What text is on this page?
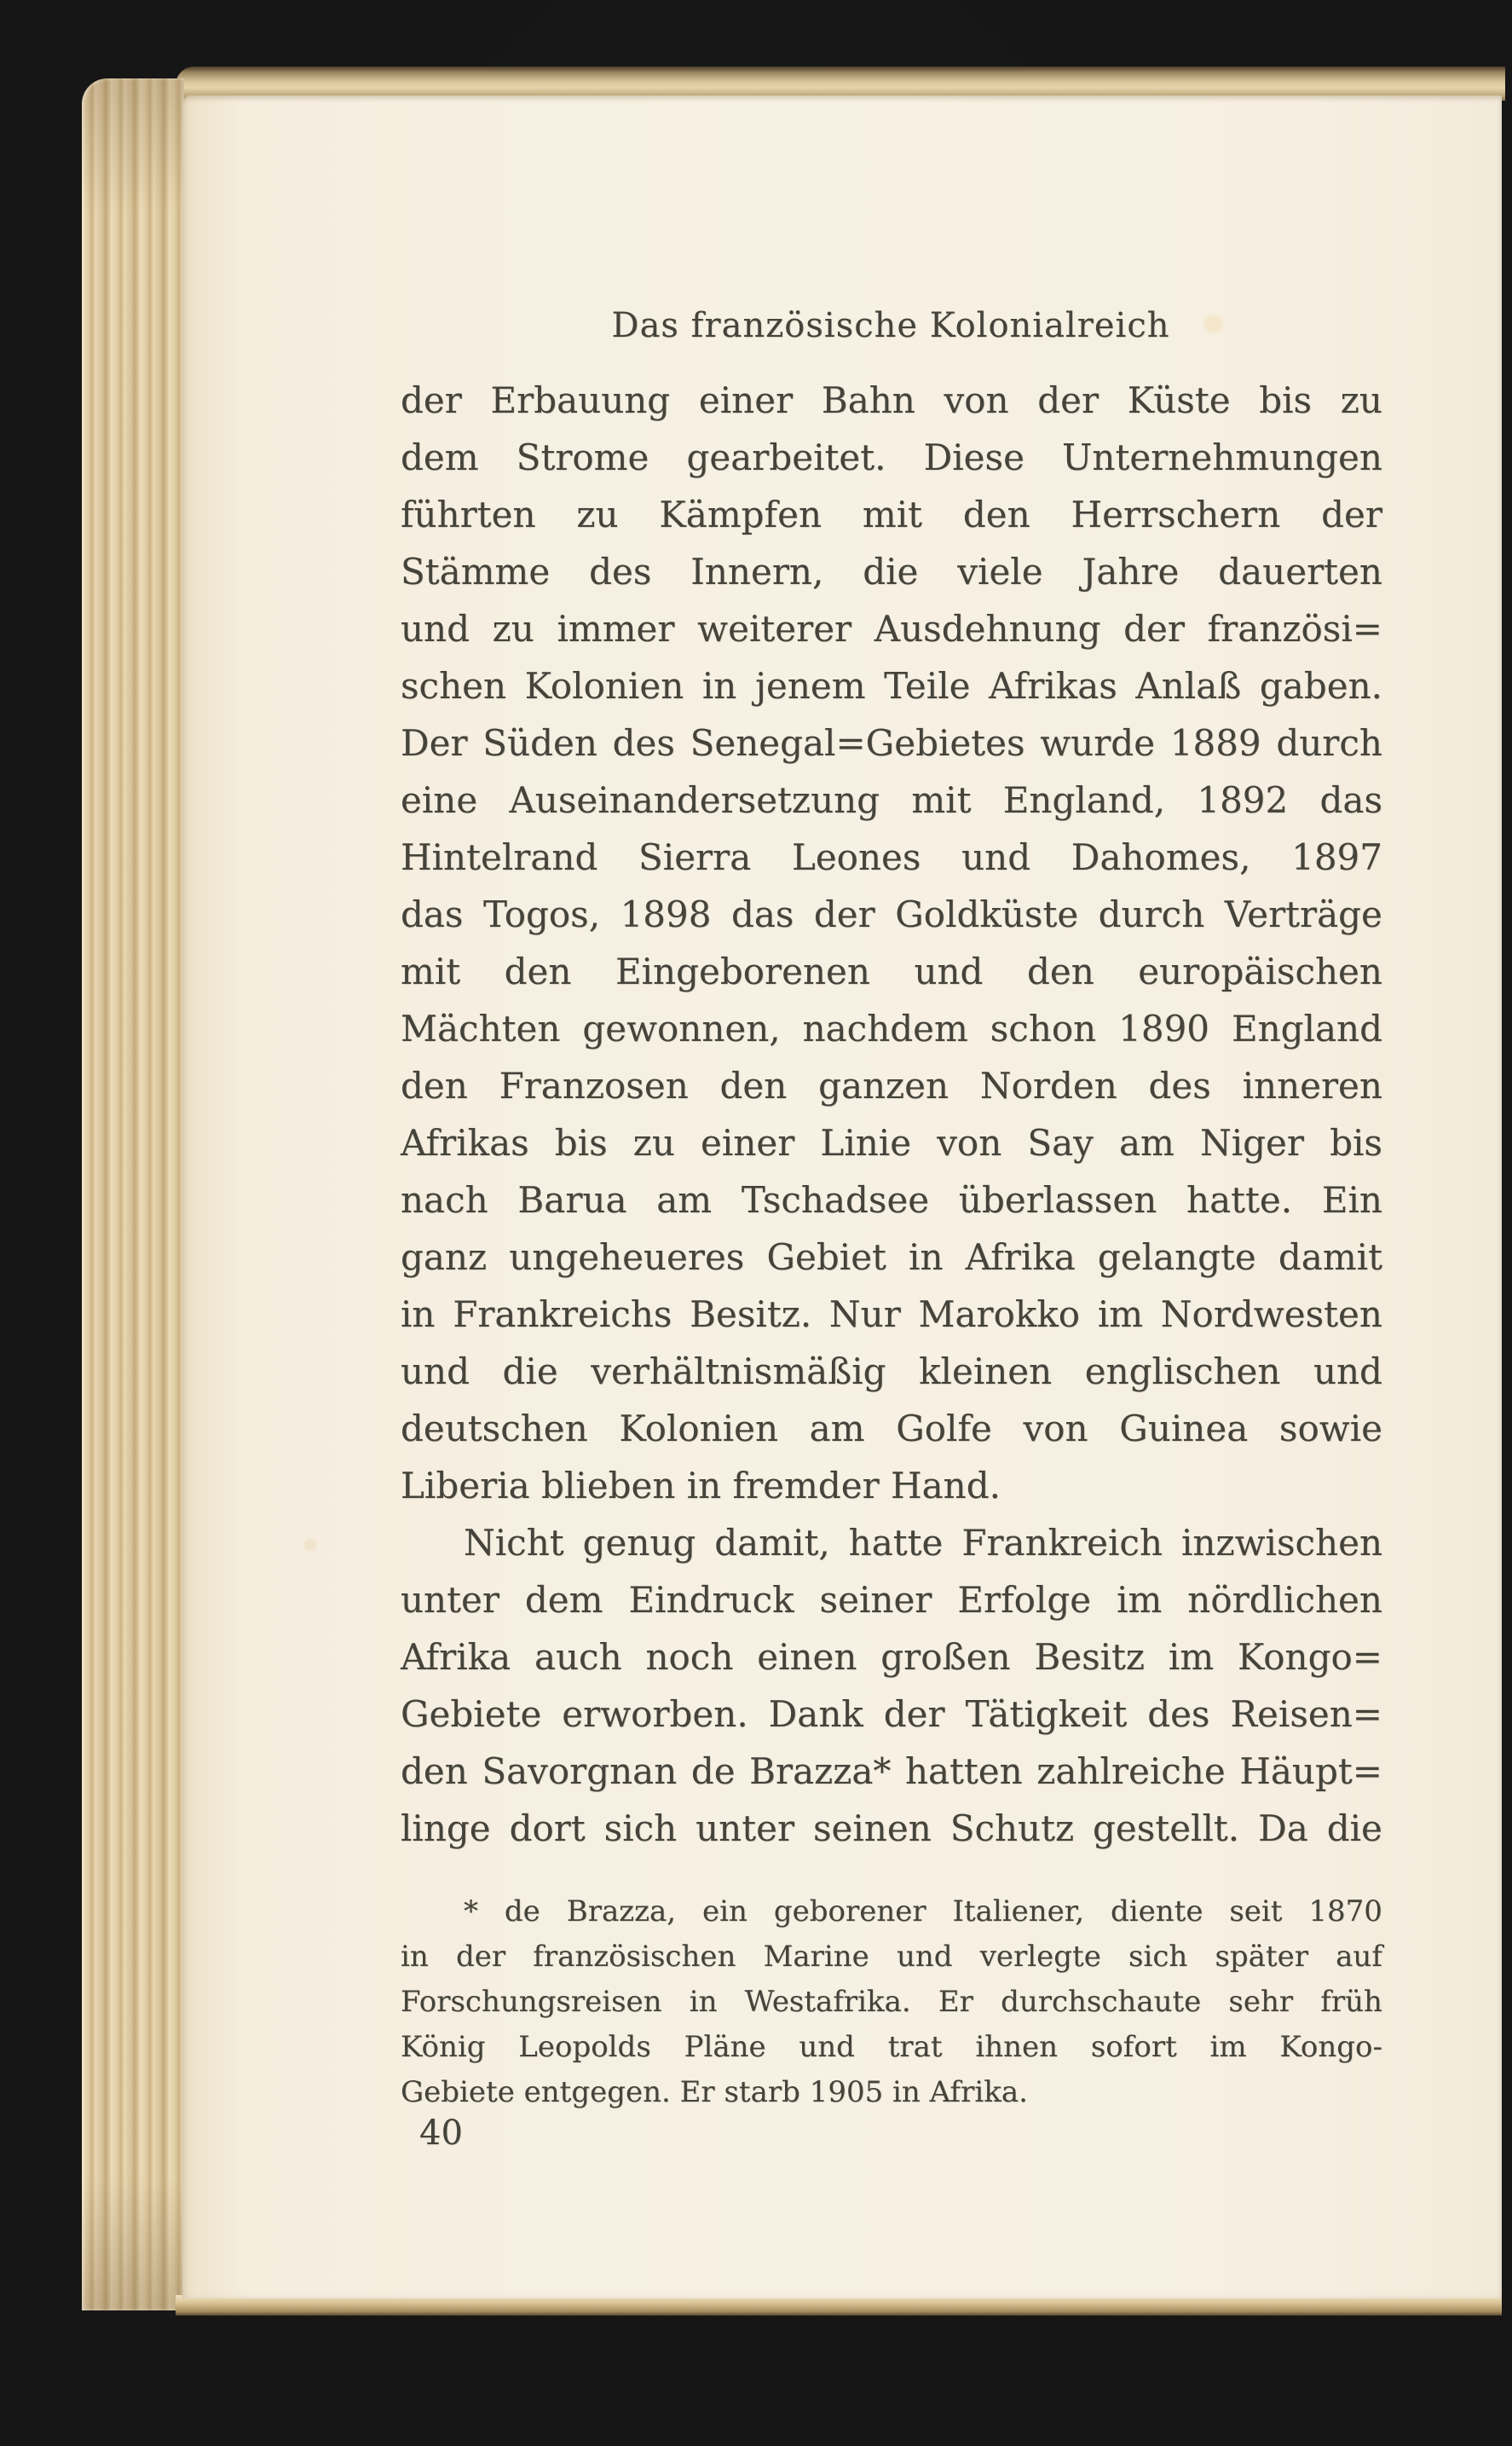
Das französische Kolonialreich
der Erbauung einer Bahn von der Küste bis zu
dem Strome gearbeitet. Diese Unternehmungen
führten zu Kämpfen mit den Herrschern der
Stämme des Innern, die viele Jahre dauerten
und zu immer weiterer Ausdehnung der französi=
schen Kolonien in jenem Teile Afrikas Anlaß gaben.
Der Süden des Senegal=Gebietes wurde 1889 durch
eine Auseinandersetzung mit England, 1892 das
Hintelrand Sierra Leones und Dahomes, 1897
das Togos, 1898 das der Goldküste durch Verträge
mit den Eingeborenen und den europäischen
Mächten gewonnen, nachdem schon 1890 England
den Franzosen den ganzen Norden des inneren
Afrikas bis zu einer Linie von Say am Niger bis
nach Barua am Tschadsee überlassen hatte. Ein
ganz ungeheueres Gebiet in Afrika gelangte damit
in Frankreichs Besitz. Nur Marokko im Nordwesten
und die verhältnismäßig kleinen englischen und
deutschen Kolonien am Golfe von Guinea sowie
Liberia blieben in fremder Hand.
Nicht genug damit, hatte Frankreich inzwischen
unter dem Eindruck seiner Erfolge im nördlichen
Afrika auch noch einen großen Besitz im Kongo=
Gebiete erworben. Dank der Tätigkeit des Reisen=
den Savorgnan de Brazza* hatten zahlreiche Häupt=
linge dort sich unter seinen Schutz gestellt. Da die
* de Brazza, ein geborener Italiener, diente seit 1870
in der französischen Marine und verlegte sich später auf
Forschungsreisen in Westafrika. Er durchschaute sehr früh
König Leopolds Pläne und trat ihnen sofort im Kongo-
Gebiete entgegen. Er starb 1905 in Afrika.
40
